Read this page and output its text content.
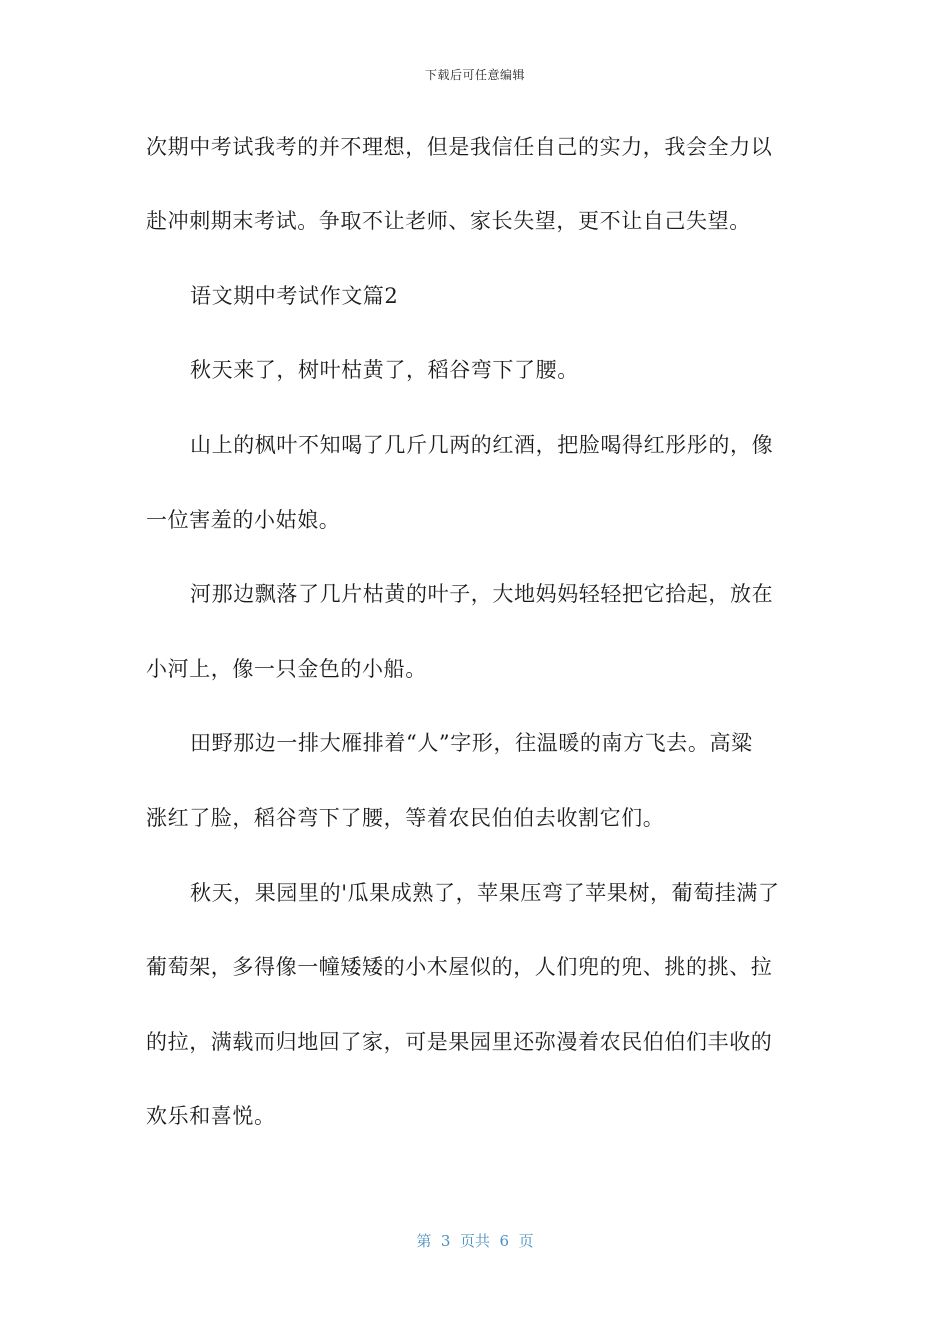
下载后可任意编辑
次期中考试我考的并不理想，但是我信任自己的实力，我会全力以
赴冲刺期末考试。争取不让老师、家长失望，更不让自己失望。
语文期中考试作文篇2
秋天来了，树叶枯黄了，稻谷弯下了腰。
山上的枫叶不知喝了几斤几两的红酒，把脸喝得红彤彤的，像
一位害羞的小姑娘。
河那边飘落了几片枯黄的叶子，大地妈妈轻轻把它拾起，放在
小河上，像一只金色的小船。
田野那边一排大雁排着“人”字形，往温暖的南方飞去。高粱
涨红了脸，稻谷弯下了腰，等着农民伯伯去收割它们。
秋天，果园里的'瓜果成熟了，苹果压弯了苹果树，葡萄挂满了
葡萄架，多得像一幢矮矮的小木屋似的，人们兜的兜、挑的挑、拉
的拉，满载而归地回了家，可是果园里还弥漫着农民伯伯们丰收的
欢乐和喜悦。
第  3  页共  6  页
